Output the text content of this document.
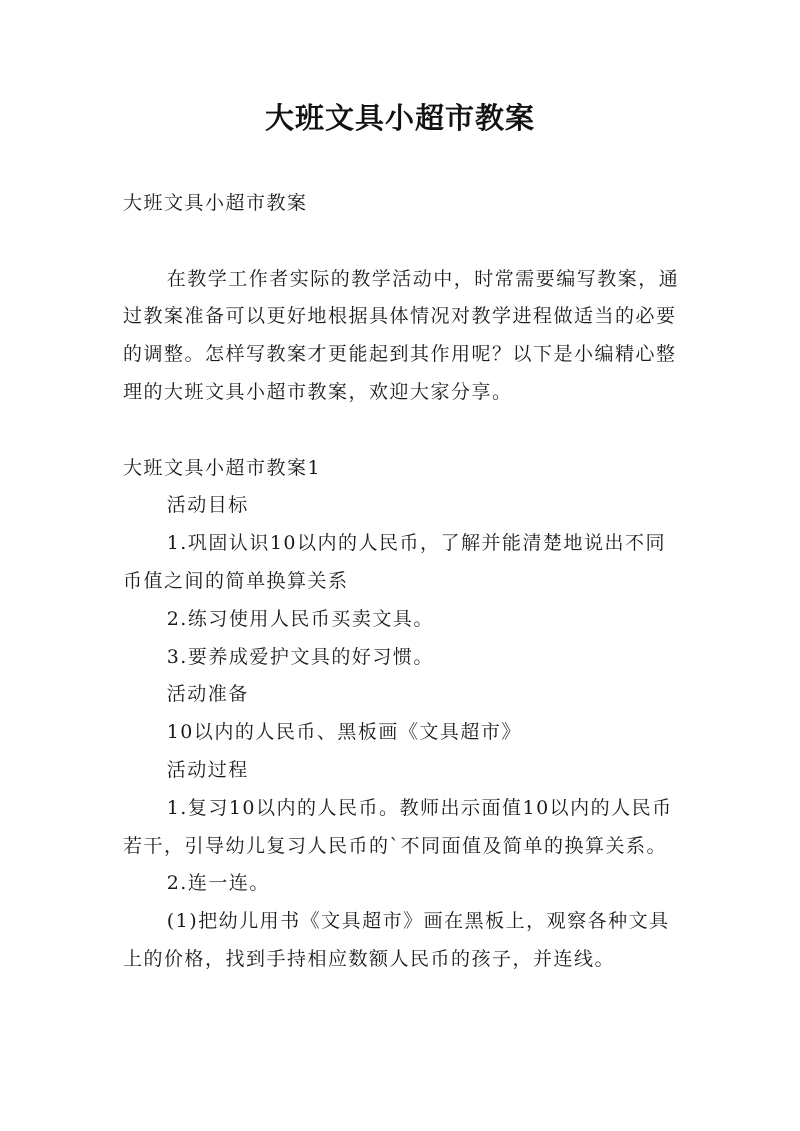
大班文具小超市教案

大班文具小超市教案

在教学工作者实际的教学活动中，时常需要编写教案，通过教案准备可以更好地根据具体情况对教学进程做适当的必要的调整。怎样写教案才更能起到其作用呢？以下是小编精心整理的大班文具小超市教案，欢迎大家分享。

大班文具小超市教案1

活动目标

1.巩固认识10以内的人民币，了解并能清楚地说出不同币值之间的简单换算关系

2.练习使用人民币买卖文具。

3.要养成爱护文具的好习惯。

活动准备

10以内的人民币、黑板画《文具超市》

活动过程

1.复习10以内的人民币。教师出示面值10以内的人民币若干，引导幼儿复习人民币的`不同面值及简单的换算关系。

2.连一连。

(1)把幼儿用书《文具超市》画在黑板上，观察各种文具上的价格，找到手持相应数额人民币的孩子，并连线。
